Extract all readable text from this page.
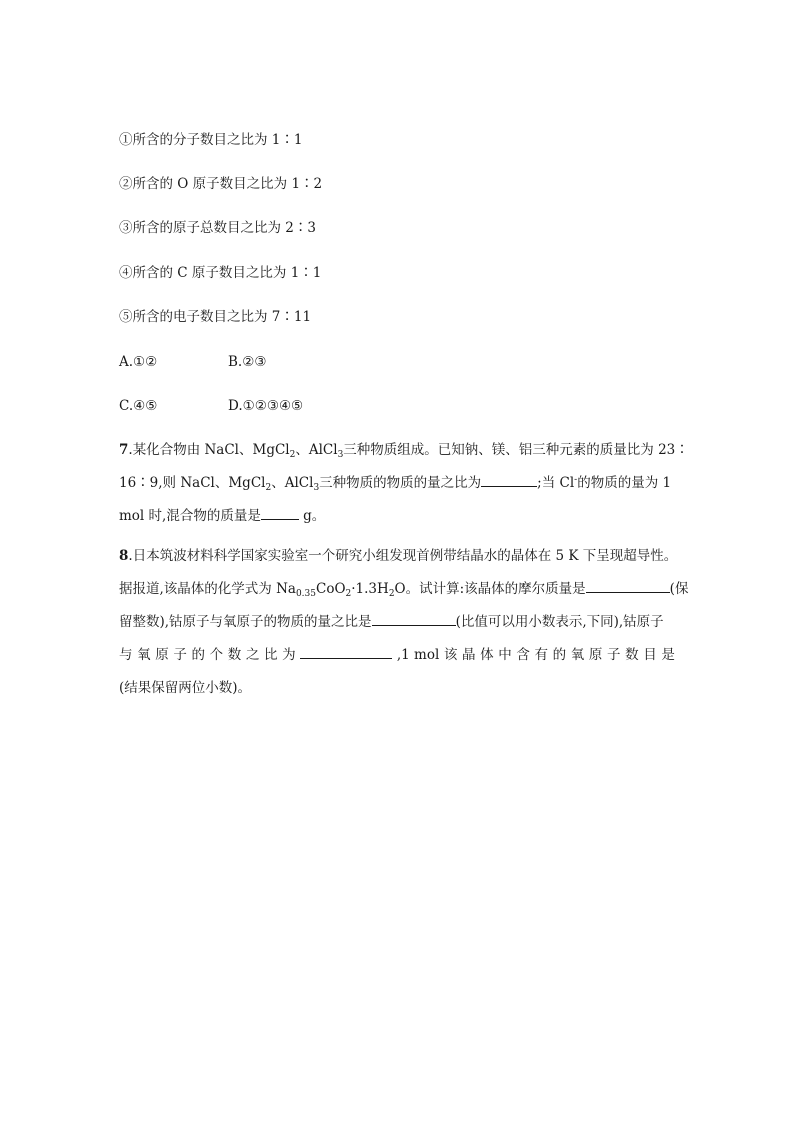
①所含的分子数目之比为 1∶1
②所含的 O 原子数目之比为 1∶2
③所含的原子总数目之比为 2∶3
④所含的 C 原子数目之比为 1∶1
⑤所含的电子数目之比为 7∶11
A.①②	B.②③
C.④⑤	D.①②③④⑤
7.某化合物由 NaCl、MgCl$_2$、AlCl$_3$三种物质组成。已知钠、镁、铝三种元素的质量比为 23∶
16∶9,则 NaCl、MgCl$_2$、AlCl$_3$三种物质的物质的量之比为	;当 Cl-的物质的量为 1
mol 时,混合物的质量是	g。
8.日本筑波材料科学国家实验室一个研究小组发现首例带结晶水的晶体在 5 K 下呈现超导性。
据报道,该晶体的化学式为 $Na_{0.35}CoO_2\cdot 1.3H_2O$。试计算:该晶体的摩尔质量是	(保
留整数),钴原子与氧原子的物质的量之比是	(比值可以用小数表示,下同),钴原子
与 氧 原 子 的 个 数 之 比 为	,1 mol 该 晶 体 中 含 有 的 氧 原 子 数 目 是
(结果保留两位小数)。
